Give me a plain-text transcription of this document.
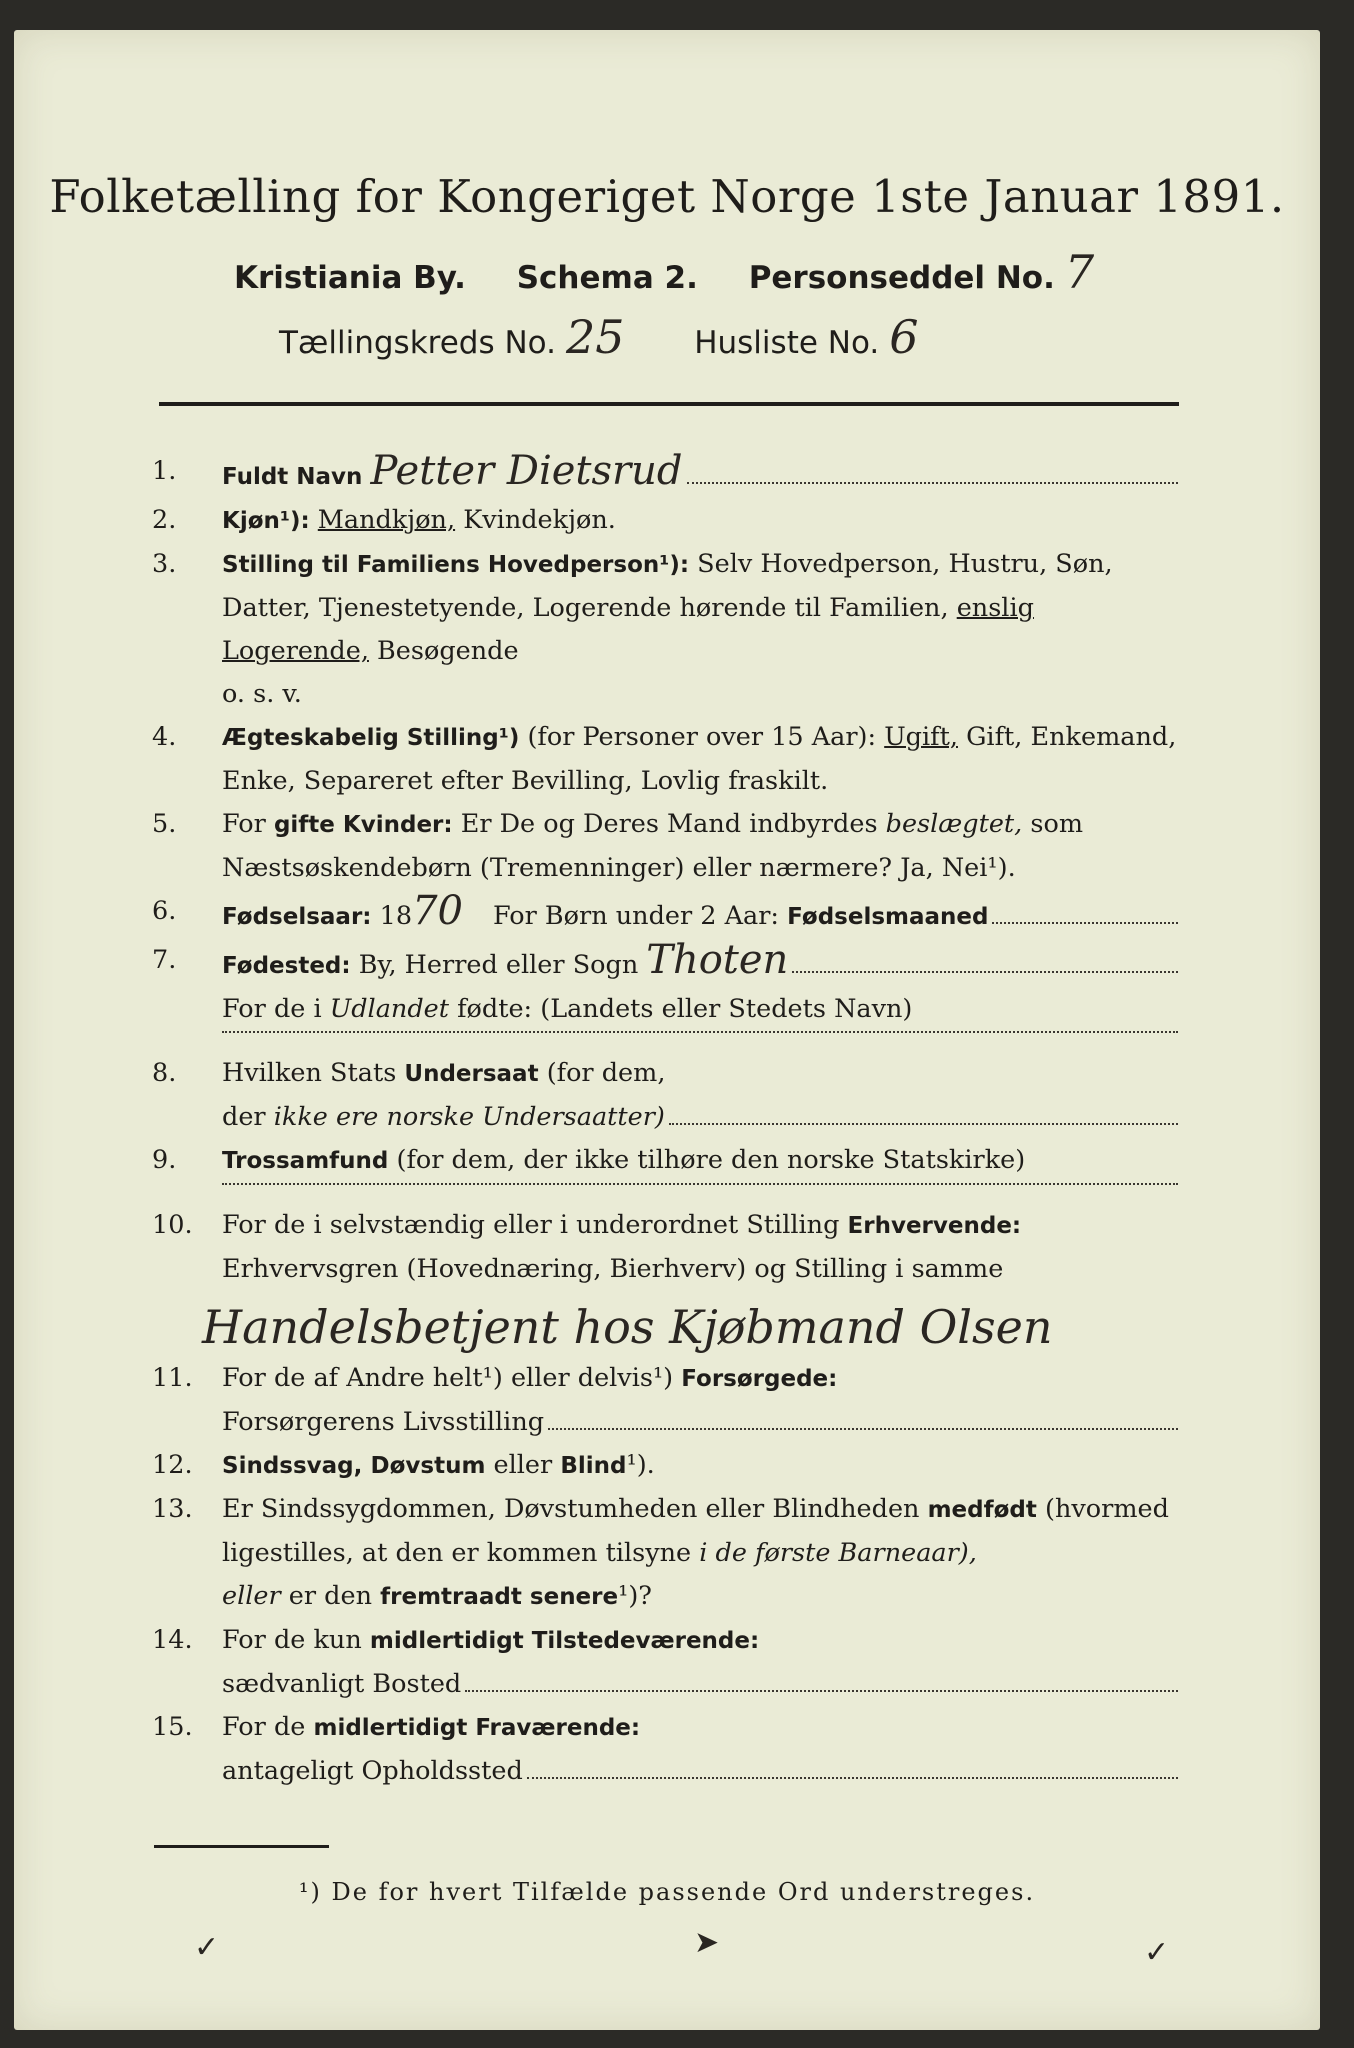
Folketælling for Kongeriget Norge 1ste Januar 1891.
Kristiania By. Schema 2. Personseddel No. 7
Tællingskreds No. 25 Husliste No. 6
1.	Fuldt Navn Petter Dietsrud
2.	Kjøn¹): Mandkjøn, Kvindekjøn.
3.	Stilling til Familiens Hovedperson¹): Selv Hovedperson, Hustru, Søn, Datter, Tjenestetyende, Logerende hørende til Familien, enslig Logerende, Besøgende
o. s. v.
4.	Ægteskabelig Stilling¹) (for Personer over 15 Aar): Ugift, Gift, Enkemand, Enke, Separeret efter Bevilling, Lovlig fraskilt.
5.	For gifte Kvinder: Er De og Deres Mand indbyrdes beslægtet, som Næstsøskendebørn (Tremenninger) eller nærmere? Ja, Nei¹).
6.	Fødselsaar:
18 70 For Børn under 2 Aar:
Fødselsmaaned
7.	Fødested:
By, Herred eller Sogn Thoten
For de i Udlandet fødte: (Landets eller Stedets Navn)
8.	Hvilken Stats Undersaat (for dem,
der
ikke ere norske Undersaatter)
9.	Trossamfund (for dem, der ikke tilhøre den norske Statskirke)
10.	For de i selvstændig eller i underordnet Stilling Erhvervende: Erhvervsgren (Hovednæring, Bierhverv) og Stilling i samme
Handelsbetjent hos Kjøbmand Olsen
11.	For de af Andre helt¹) eller delvis¹) Forsørgede:
Forsørgerens Livsstilling
12.	Sindssvag, Døvstum eller Blind¹).
13.	Er Sindssygdommen, Døvstumheden eller Blindheden medfødt (hvormed ligestilles, at den er kommen tilsyne i de første Barneaar),
eller er den fremtraadt senere¹)?
14.	For de kun midlertidigt Tilstedeværende:
sædvanligt Bosted
15.	For de midlertidigt Fraværende:
antageligt Opholdssted
¹) De for hvert Tilfælde passende Ord understreges.
✓	➤	✓
